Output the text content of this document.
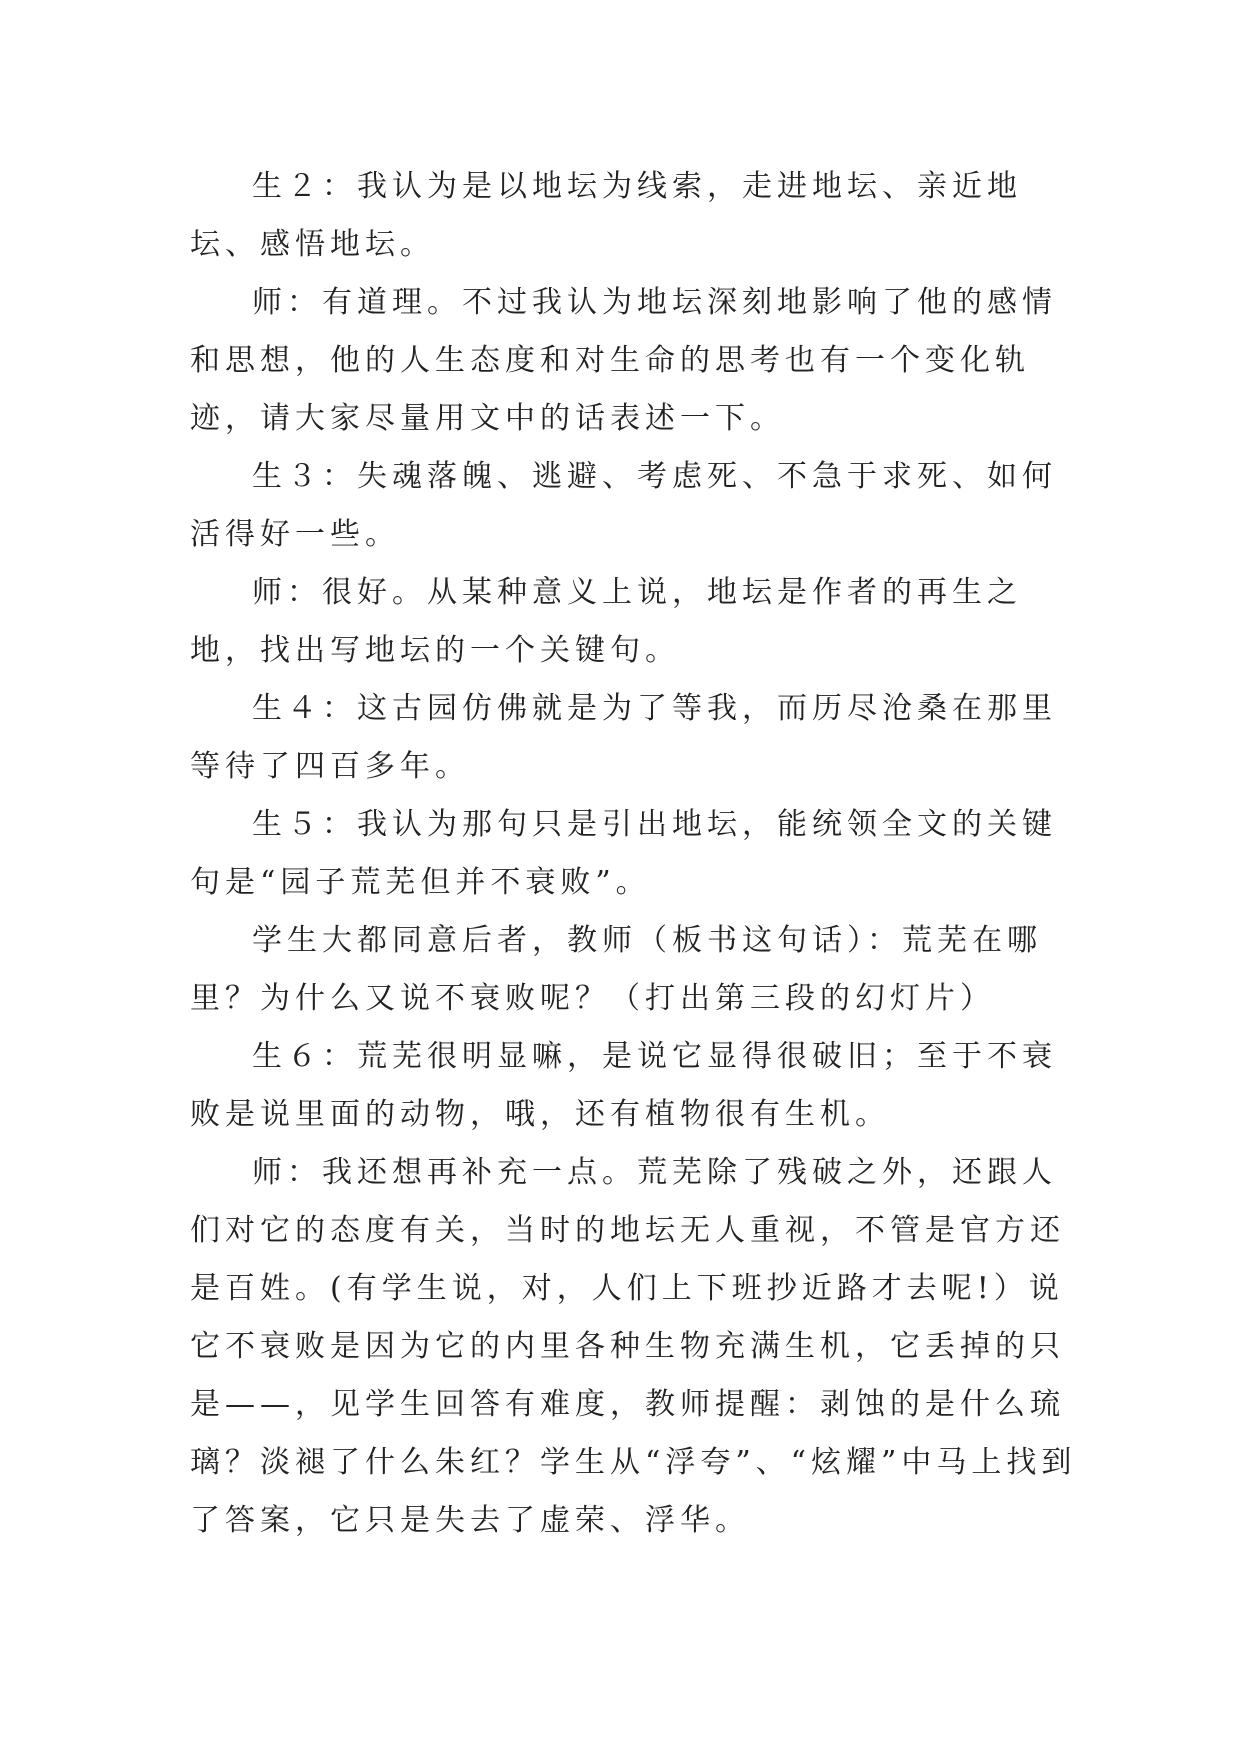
生２：我认为是以地坛为线索，走进地坛、亲近地坛、感悟地坛。

师：有道理。不过我认为地坛深刻地影响了他的感情和思想，他的人生态度和对生命的思考也有一个变化轨迹，请大家尽量用文中的话表述一下。

生３：失魂落魄、逃避、考虑死、不急于求死、如何活得好一些。

师：很好。从某种意义上说，地坛是作者的再生之地，找出写地坛的一个关键句。

生４：这古园仿佛就是为了等我，而历尽沧桑在那里等待了四百多年。

生５：我认为那句只是引出地坛，能统领全文的关键句是“园子荒芜但并不衰败”。

学生大都同意后者，教师（板书这句话）：荒芜在哪里？为什么又说不衰败呢？（打出第三段的幻灯片）

生６：荒芜很明显嘛，是说它显得很破旧；至于不衰败是说里面的动物，哦，还有植物很有生机。

师：我还想再补充一点。荒芜除了残破之外，还跟人们对它的态度有关，当时的地坛无人重视，不管是官方还是百姓。(有学生说，对，人们上下班抄近路才去呢!）说它不衰败是因为它的内里各种生物充满生机，它丢掉的只是——，见学生回答有难度，教师提醒：剥蚀的是什么琉璃？淡褪了什么朱红？学生从“浮夸”、“炫耀”中马上找到了答案，它只是失去了虚荣、浮华。
